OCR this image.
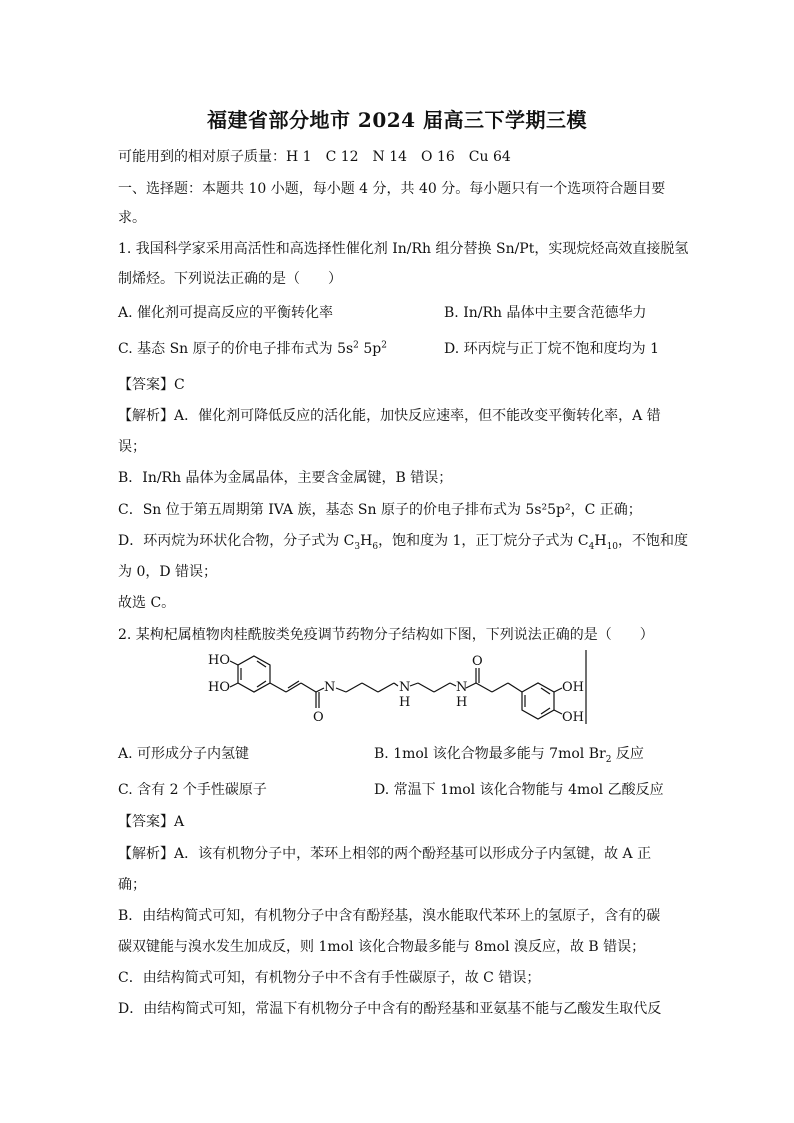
福建省部分地市 2024 届高三下学期三模
可能用到的相对原子质量：H 1　C 12　N 14　O 16　Cu 64
一、选择题：本题共 10 小题，每小题 4 分，共 40 分。每小题只有一个选项符合题目要
求。
1. 我国科学家采用高活性和高选择性催化剂 In/Rh 组分替换 Sn/Pt，实现烷烃高效直接脱氢
制烯烃。下列说法正确的是（　　）
A. 催化剂可提高反应的平衡转化率	B. In/Rh 晶体中主要含范德华力
C. 基态 Sn 原子的价电子排布式为 $5s^2$ $5p^2$	D. 环丙烷与正丁烷不饱和度均为 1
【答案】C
【解析】A．催化剂可降低反应的活化能，加快反应速率，但不能改变平衡转化率，A 错
误；
B．In/Rh 晶体为金属晶体，主要含金属键，B 错误；
C．Sn 位于第五周期第 IVA 族，基态 Sn 原子的价电子排布式为 5s²5p²，C 正确；
D．环丙烷为环状化合物，分子式为 $C_3H_6$，饱和度为 1，正丁烷分子式为 $C_4H_{10}$，不饱和度
为 0，D 错误；
故选 C。
2. 某枸杞属植物肉桂酰胺类免疫调节药物分子结构如下图，下列说法正确的是（　　）
HO
HO	N
O
N
H
N
H
O
OH
OH
A. 可形成分子内氢键	B. 1mol 该化合物最多能与 7mol $Br_2$ 反应
C. 含有 2 个手性碳原子	D. 常温下 1mol 该化合物能与 4mol 乙酸反应
【答案】A
【解析】A．该有机物分子中，苯环上相邻的两个酚羟基可以形成分子内氢键，故 A 正
确；
B．由结构简式可知，有机物分子中含有酚羟基，溴水能取代苯环上的氢原子，含有的碳
碳双键能与溴水发生加成反，则 1mol 该化合物最多能与 8mol 溴反应，故 B 错误；
C．由结构简式可知，有机物分子中不含有手性碳原子，故 C 错误；
D．由结构简式可知，常温下有机物分子中含有的酚羟基和亚氨基不能与乙酸发生取代反
